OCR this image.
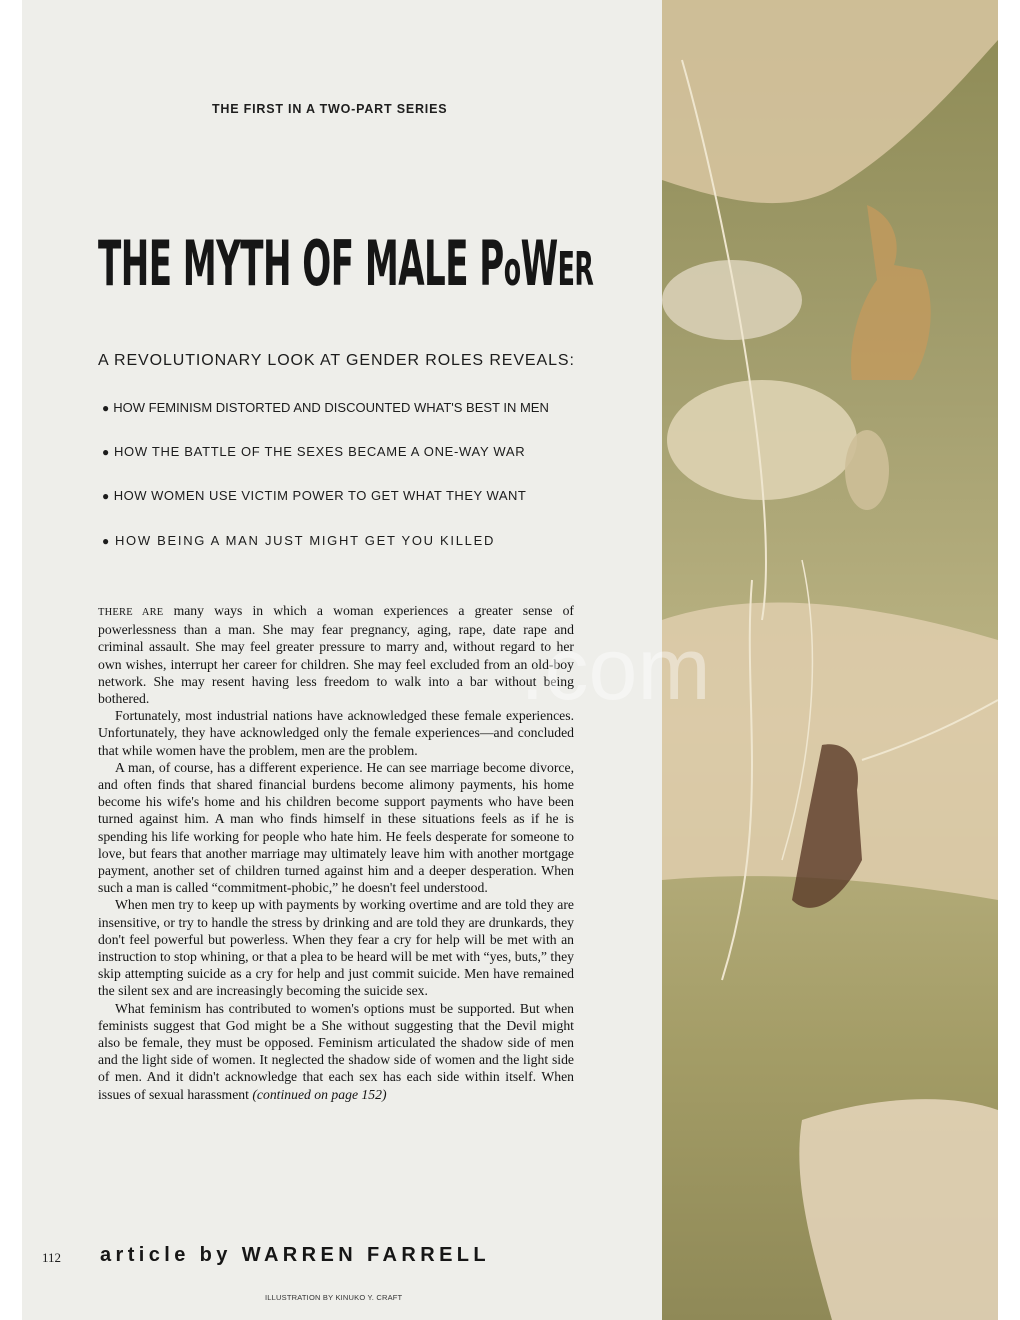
THE FIRST IN A TWO-PART SERIES
THE MYTH OF MALE PoWER
A REVOLUTIONARY LOOK AT GENDER ROLES REVEALS:
● HOW FEMINISM DISTORTED AND DISCOUNTED WHAT'S BEST IN MEN
● HOW THE BATTLE OF THE SEXES BECAME A ONE-WAY WAR
● HOW WOMEN USE VICTIM POWER TO GET WHAT THEY WANT
● HOW BEING A MAN JUST MIGHT GET YOU KILLED

THERE ARE many ways in which a woman experiences a greater sense of powerlessness than a man. She may fear pregnancy, aging, rape, date rape and criminal assault. She may feel greater pressure to marry and, without regard to her own wishes, interrupt her career for children. She may feel excluded from an old-boy network. She may resent having less freedom to walk into a bar without being bothered.

Fortunately, most industrial nations have acknowledged these female experiences. Unfortunately, they have acknowledged only the female experiences—and concluded that while women have the problem, men are the problem.

A man, of course, has a different experience. He can see marriage become divorce, and often finds that shared financial burdens become alimony payments, his home become his wife's home and his children become support payments who have been turned against him. A man who finds himself in these situations feels as if he is spending his life working for people who hate him. He feels desperate for someone to love, but fears that another marriage may ultimately leave him with another mortgage payment, another set of children turned against him and a deeper desperation. When such a man is called “commitment-phobic,” he doesn't feel understood.

When men try to keep up with payments by working overtime and are told they are insensitive, or try to handle the stress by drinking and are told they are drunkards, they don't feel powerful but powerless. When they fear a cry for help will be met with an instruction to stop whining, or that a plea to be heard will be met with “yes, buts,” they skip attempting suicide as a cry for help and just commit suicide. Men have remained the silent sex and are increasingly becoming the suicide sex.

What feminism has contributed to women's options must be supported. But when feminists suggest that God might be a She without suggesting that the Devil might also be female, they must be opposed. Feminism articulated the shadow side of men and the light side of women. It neglected the shadow side of women and the light side of men. And it didn't acknowledge that each sex has each side within itself. When issues of sexual harassment (continued on page 152)

.com
112 article by WARREN FARRELL
ILLUSTRATION BY KINUKO Y. CRAFT
